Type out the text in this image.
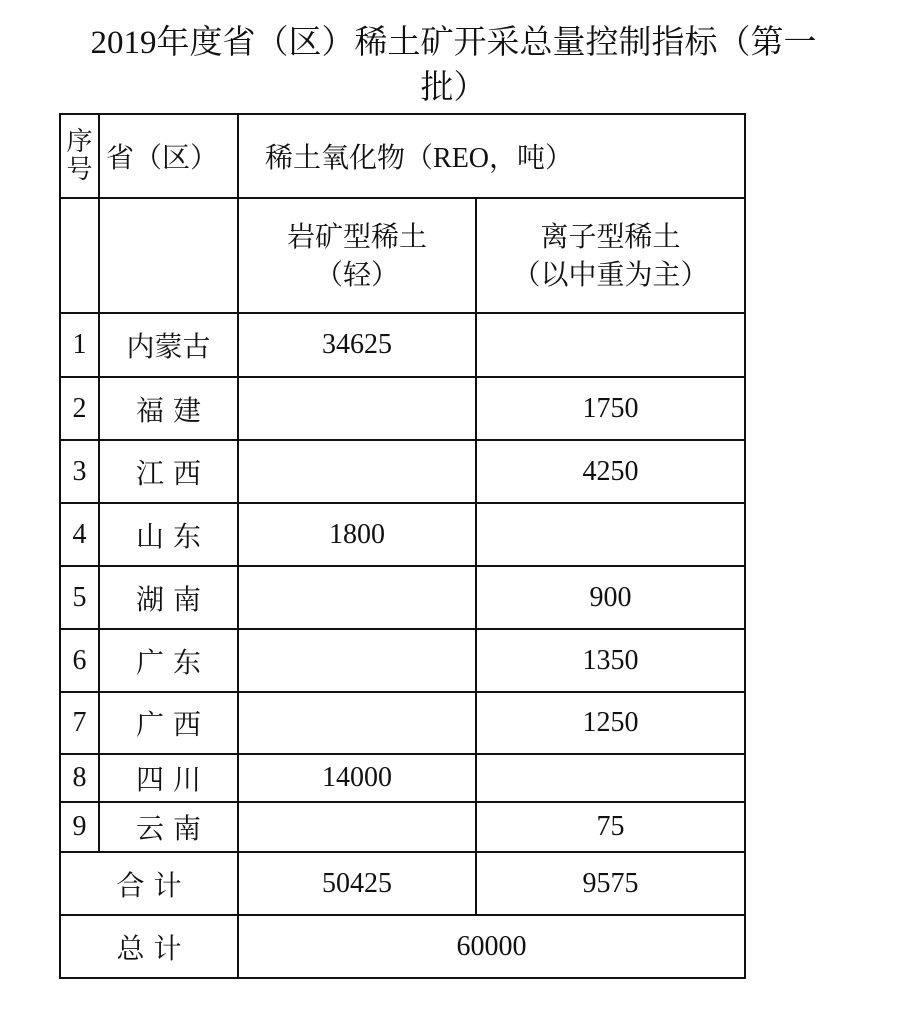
2019年度省（区）稀土矿开采总量控制指标（第一
批）
序号	省（区）	稀土氧化物（REO，吨）	

岩矿型稀土
（轻）

离子型稀土
（以中重为主）

1	内蒙古	34625	
2	福 建		1750
3	江 西		4250
4	山 东	1800	
5	湖 南		900
6	广 东		1350
7	广 西		1250
8	四 川	14000	
9	云 南		75
合 计		50425	9575
总 计		60000	
